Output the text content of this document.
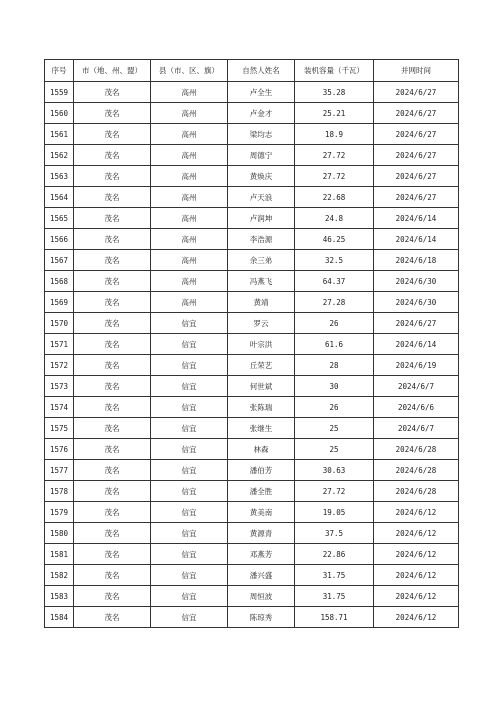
序号	市（地、州、盟）	县（市、区、旗）	自然人姓名	装机容量（千瓦）	并网时间
1559	茂名	高州	卢全生	35.28	2024/6/27
1560	茂名	高州	卢金才	25.21	2024/6/27
1561	茂名	高州	梁均志	18.9	2024/6/27
1562	茂名	高州	周德宁	27.72	2024/6/27
1563	茂名	高州	黄焕庆	27.72	2024/6/27
1564	茂名	高州	卢天浪	22.68	2024/6/27
1565	茂名	高州	卢润坤	24.8	2024/6/14
1566	茂名	高州	李浩源	46.25	2024/6/14
1567	茂名	高州	余三弟	32.5	2024/6/18
1568	茂名	高州	冯燕飞	64.37	2024/6/30
1569	茂名	高州	黄靖	27.28	2024/6/30
1570	茂名	信宜	罗云	26	2024/6/27
1571	茂名	信宜	叶宗洪	61.6	2024/6/14
1572	茂名	信宜	丘荣艺	28	2024/6/19
1573	茂名	信宜	何世斌	30	2024/6/7
1574	茂名	信宜	张陈瑞	26	2024/6/6
1575	茂名	信宜	张继生	25	2024/6/7
1576	茂名	信宜	林森	25	2024/6/28
1577	茂名	信宜	潘伯芳	30.63	2024/6/28
1578	茂名	信宜	潘全胜	27.72	2024/6/28
1579	茂名	信宜	黄美南	19.05	2024/6/12
1580	茂名	信宜	黄源青	37.5	2024/6/12
1581	茂名	信宜	邓燕芳	22.86	2024/6/12
1582	茂名	信宜	潘兴盛	31.75	2024/6/12
1583	茂名	信宜	周恒波	31.75	2024/6/12
1584	茂名	信宜	陈琼秀	158.71	2024/6/12
